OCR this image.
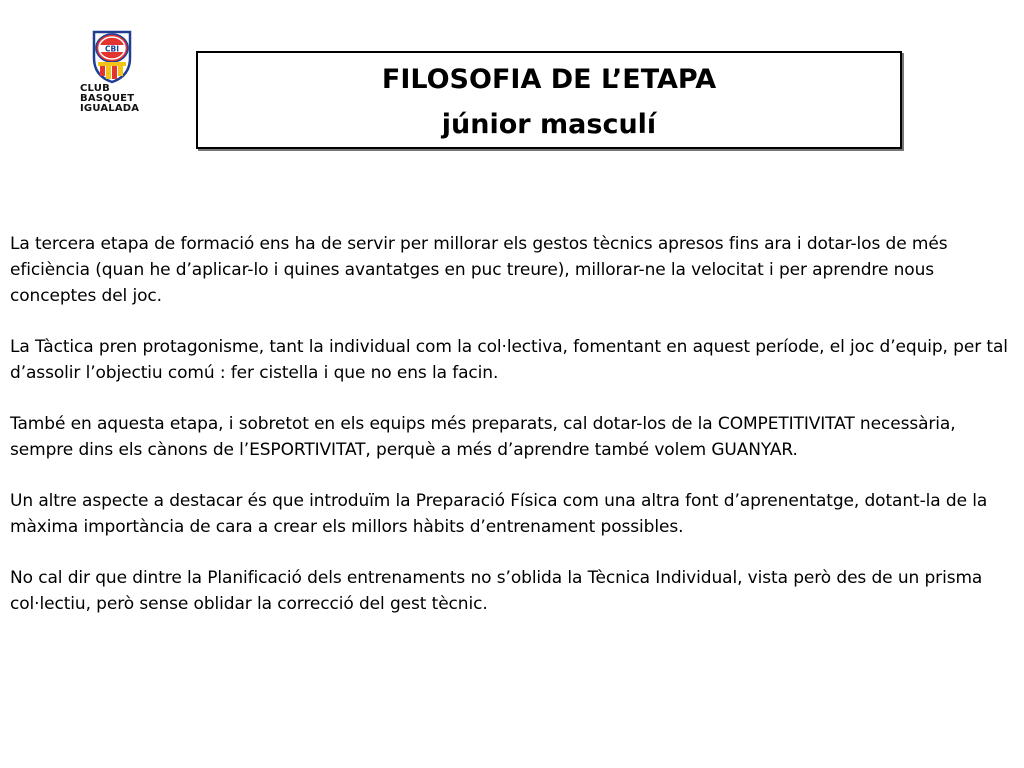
CBI
CLUB
BASQUET
IGUALADA
FILOSOFIA DE L’ETAPA
júnior masculí

La tercera etapa de formació ens ha de servir per millorar els gestos tècnics apresos fins ara i dotar-los de més eficiència (quan he d’aplicar-lo i quines avantatges en puc treure), millorar-ne la velocitat i per aprendre nous conceptes del joc.

La Tàctica pren protagonisme, tant la individual com la col·lectiva, fomentant en aquest període, el joc d’equip, per tal d’assolir l’objectiu comú : fer cistella i que no ens la facin.

També en aquesta etapa, i sobretot en els equips més preparats, cal dotar-los de la COMPETITIVITAT necessària, sempre dins els cànons de l’ESPORTIVITAT, perquè a més d’aprendre també volem GUANYAR.

Un altre aspecte a destacar és que introduïm la Preparació Física com una altra font d’aprenentatge, dotant-la de la màxima importància de cara a crear els millors hàbits d’entrenament possibles.

No cal dir que dintre la Planificació dels entrenaments no s’oblida la Tècnica Individual, vista però des de un prisma col·lectiu, però sense oblidar la correcció del gest tècnic.
